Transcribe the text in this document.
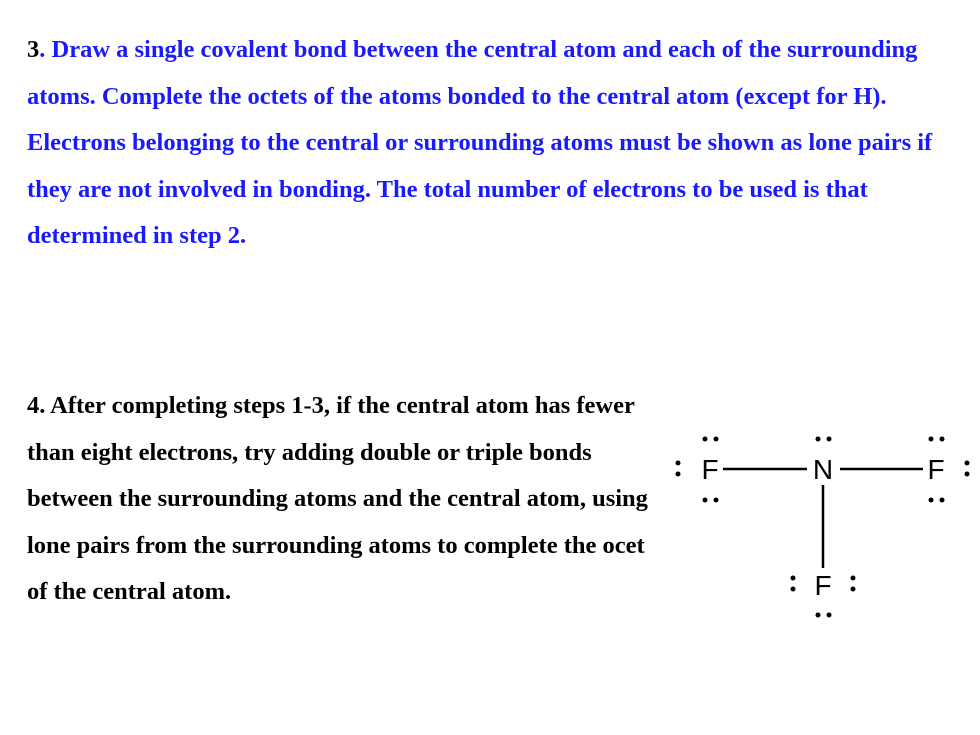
3. Draw a single covalent bond between the central atom and each of the surrounding atoms. Complete the octets of the atoms bonded to the central atom (except for H). Electrons belonging to the central or surrounding atoms must be shown as lone pairs if they are not involved in bonding. The total number of electrons to be used is that determined in step 2.

4. After completing steps 1-3, if the central atom has fewer than eight electrons, try adding double or triple bonds between the surrounding atoms and the central atom, using lone pairs from the surrounding atoms to complete the ocet of the central atom.

F	N	F
F
